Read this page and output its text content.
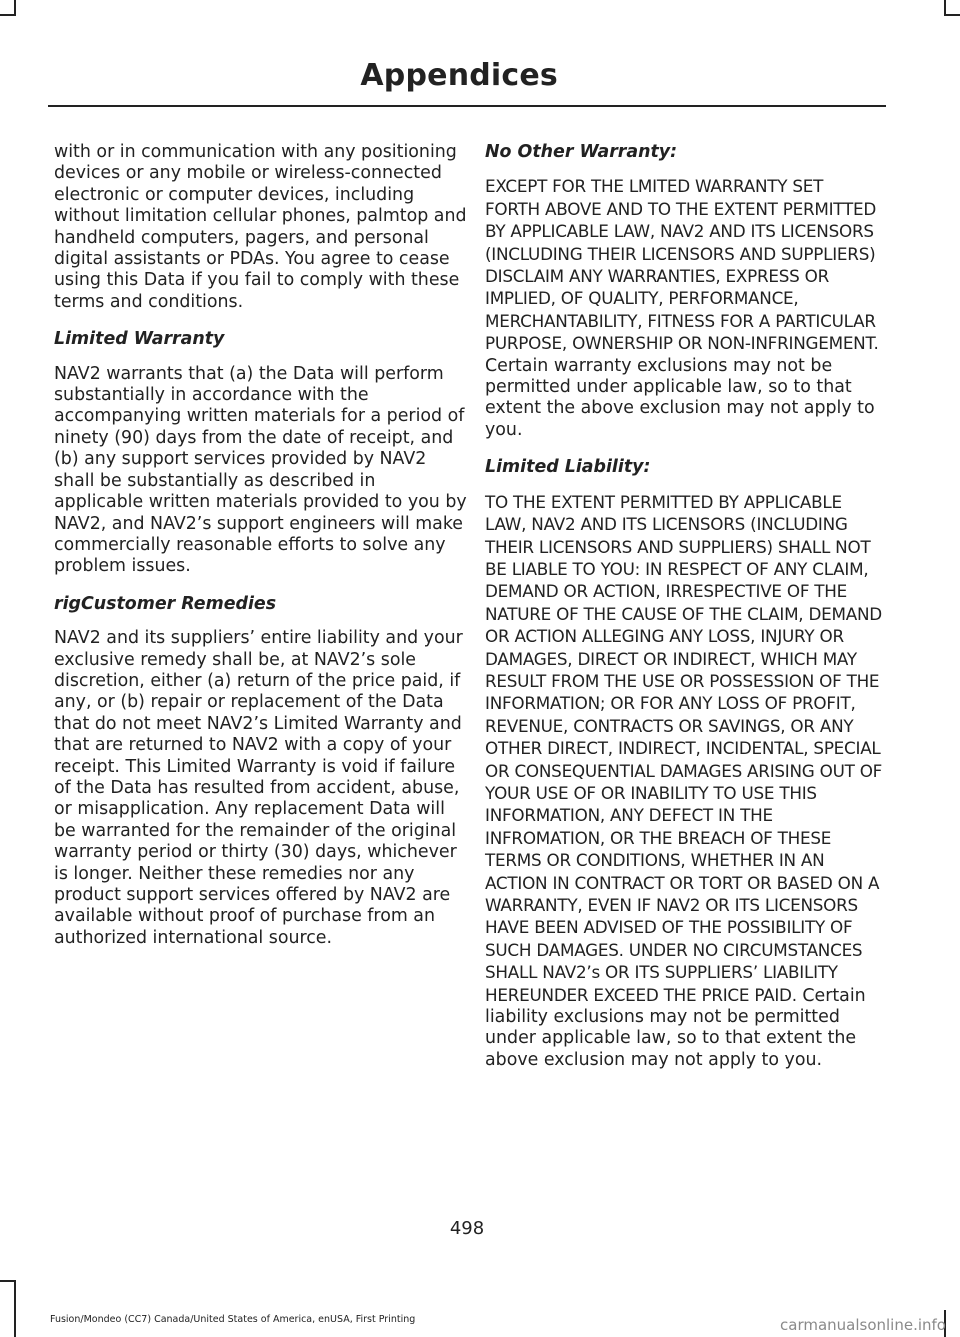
Appendices

with or in communication with any positioning devices or any mobile or wireless-connected electronic or computer devices, including without limitation cellular phones, palmtop and handheld computers, pagers, and personal digital assistants or PDAs. You agree to cease using this Data if you fail to comply with these terms and conditions.

Limited Warranty

NAV2 warrants that (a) the Data will perform substantially in accordance with the accompanying written materials for a period of ninety (90) days from the date of receipt, and (b) any support services provided by NAV2 shall be substantially as described in applicable written materials provided to you by NAV2, and NAV2’s support engineers will make commercially reasonable efforts to solve any problem issues.

rigCustomer Remedies

NAV2 and its suppliers’ entire liability and your exclusive remedy shall be, at NAV2’s sole discretion, either (a) return of the price paid, if any, or (b) repair or replacement of the Data that do not meet NAV2’s Limited Warranty and that are returned to NAV2 with a copy of your receipt. This Limited Warranty is void if failure of the Data has resulted from accident, abuse, or misapplication. Any replacement Data will be warranted for the remainder of the original warranty period or thirty (30) days, whichever is longer. Neither these remedies nor any product support services offered by NAV2 are available without proof of purchase from an authorized international source.

No Other Warranty:

EXCEPT FOR THE LMITED WARRANTY SET FORTH ABOVE AND TO THE EXTENT PERMITTED BY APPLICABLE LAW, NAV2 AND ITS LICENSORS (INCLUDING THEIR LICENSORS AND SUPPLIERS) DISCLAIM ANY WARRANTIES, EXPRESS OR IMPLIED, OF QUALITY, PERFORMANCE, MERCHANTABILITY, FITNESS FOR A PARTICULAR PURPOSE, OWNERSHIP OR NON-INFRINGEMENT. Certain warranty exclusions may not be permitted under applicable law, so to that extent the above exclusion may not apply to you.

Limited Liability:

TO THE EXTENT PERMITTED BY APPLICABLE LAW, NAV2 AND ITS LICENSORS (INCLUDING THEIR LICENSORS AND SUPPLIERS) SHALL NOT BE LIABLE TO YOU: IN RESPECT OF ANY CLAIM, DEMAND OR ACTION, IRRESPECTIVE OF THE NATURE OF THE CAUSE OF THE CLAIM, DEMAND OR ACTION ALLEGING ANY LOSS, INJURY OR DAMAGES, DIRECT OR INDIRECT, WHICH MAY RESULT FROM THE USE OR POSSESSION OF THE INFORMATION; OR FOR ANY LOSS OF PROFIT, REVENUE, CONTRACTS OR SAVINGS, OR ANY OTHER DIRECT, INDIRECT, INCIDENTAL, SPECIAL OR CONSEQUENTIAL DAMAGES ARISING OUT OF YOUR USE OF OR INABILITY TO USE THIS INFORMATION, ANY DEFECT IN THE INFROMATION, OR THE BREACH OF THESE TERMS OR CONDITIONS, WHETHER IN AN ACTION IN CONTRACT OR TORT OR BASED ON A WARRANTY, EVEN IF NAV2 OR ITS LICENSORS HAVE BEEN ADVISED OF THE POSSIBILITY OF SUCH DAMAGES. UNDER NO CIRCUMSTANCES SHALL NAV2’s OR ITS SUPPLIERS’ LIABILITY HEREUNDER EXCEED THE PRICE PAID. Certain liability exclusions may not be permitted under applicable law, so to that extent the above exclusion may not apply to you.

498

Fusion/Mondeo (CC7) Canada/United States of America, enUSA, First Printing	carmanualsonline.info
